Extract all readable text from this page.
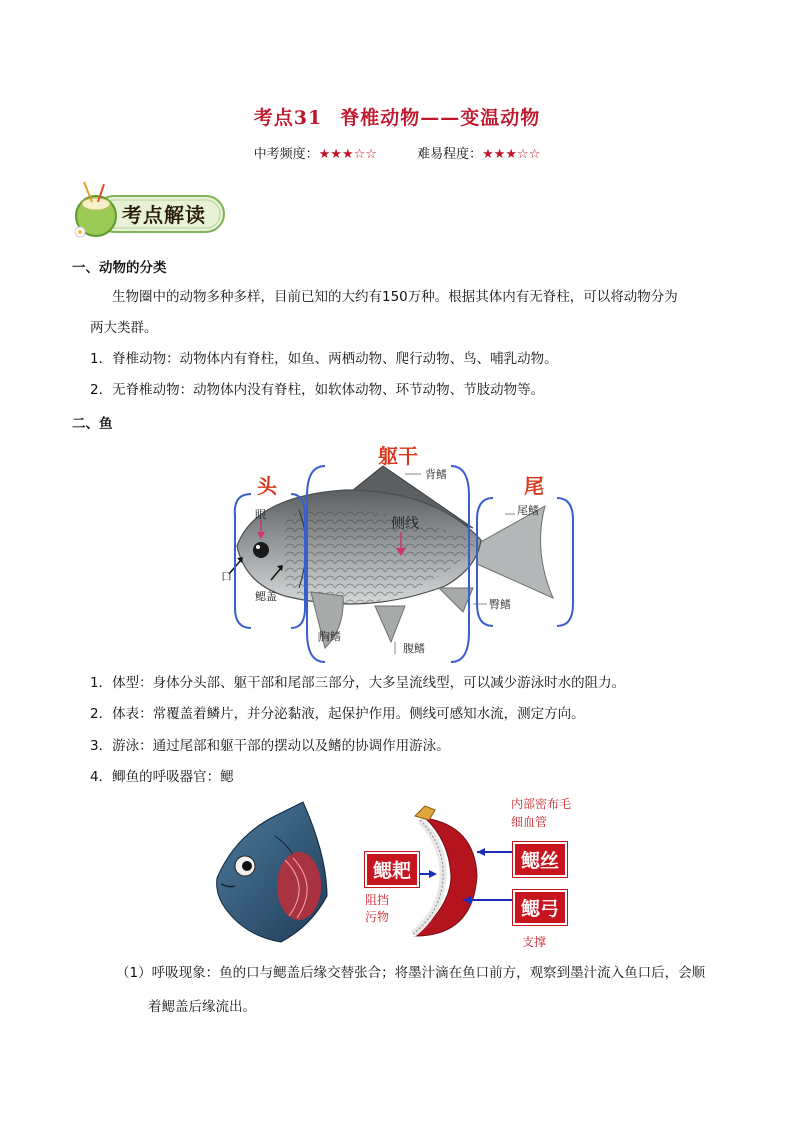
考点31 脊椎动物——变温动物
中考频度：★★★☆☆	难易程度：★★★☆☆
考点解读
一、动物的分类
生物圈中的动物多种多样，目前已知的大约有150万种。根据其体内有无脊柱，可以将动物分为
两大类群。
1．脊椎动物：动物体内有脊柱，如鱼、两栖动物、爬行动物、鸟、哺乳动物。
2．无脊椎动物：动物体内没有脊柱，如软体动物、环节动物、节肢动物等。
二、鱼
头
躯干
尾
背鳍
侧线
尾鳍
眼
口
鳃盖
胸鳍
腹鳍
臀鳍
1．体型：身体分头部、躯干部和尾部三部分，大多呈流线型，可以减少游泳时水的阻力。
2．体表：常覆盖着鳞片，并分泌黏液，起保护作用。侧线可感知水流，测定方向。
3．游泳：通过尾部和躯干部的摆动以及鳍的协调作用游泳。
4．鲫鱼的呼吸器官：鳃
内部密布毛
细血管
鳃耙	鳃丝
鳃弓
阻挡
污物
支撑
（1）呼吸现象：鱼的口与鳃盖后缘交替张合；将墨汁滴在鱼口前方，观察到墨汁流入鱼口后，会顺
着鳃盖后缘流出。
